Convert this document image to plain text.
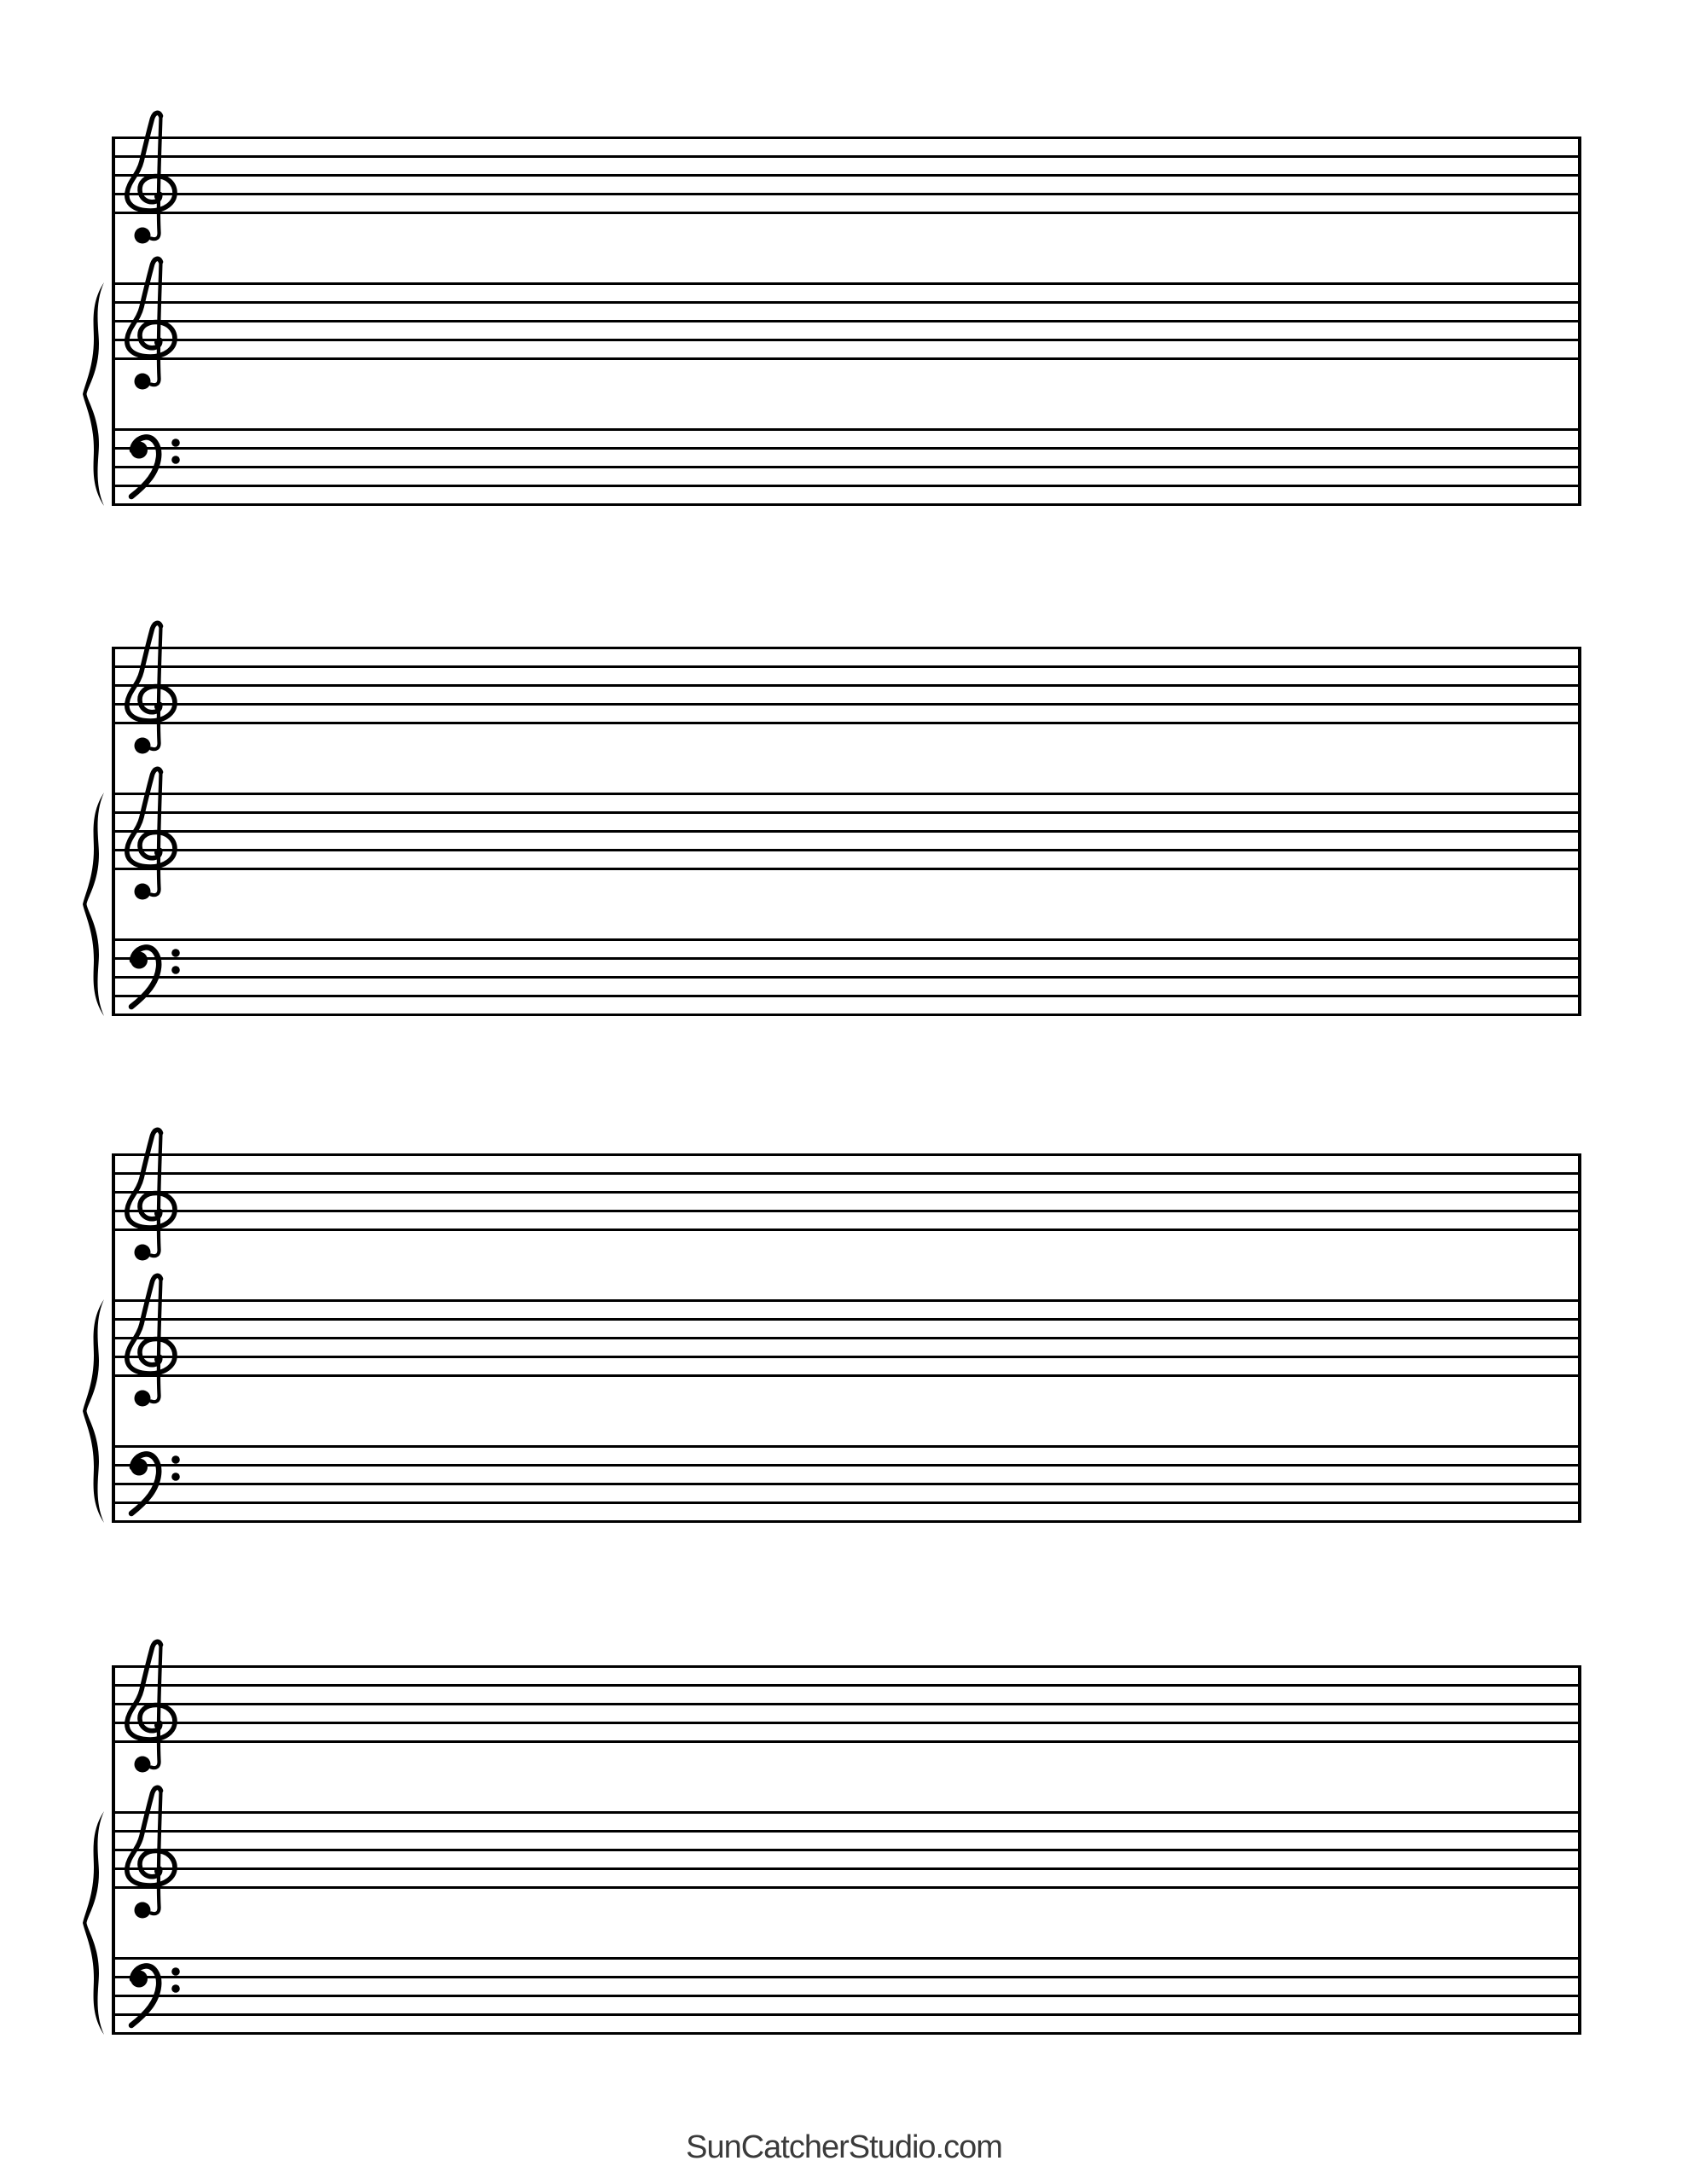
SunCatcherStudio.com
